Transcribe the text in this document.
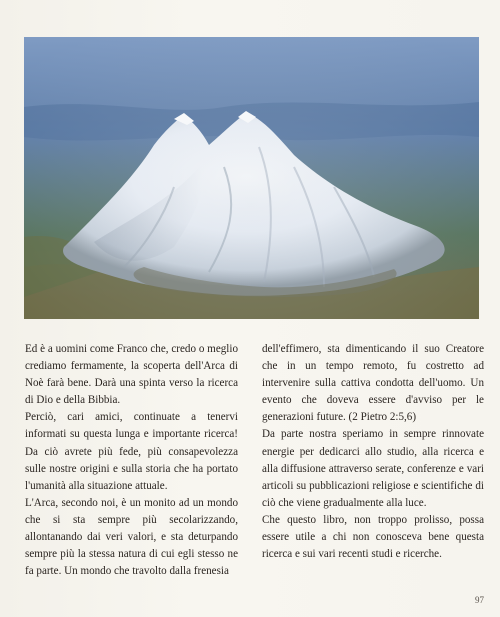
Ed è a uomini come Franco che, credo o meglio crediamo fermamente, la scoperta dell'Arca di Noè farà bene. Darà una spinta verso la ricerca di Dio e della Bibbia.

Perciò, cari amici, continuate a tenervi informati su questa lunga e importante ricerca! Da ciò avrete più fede, più consapevolezza sulle nostre origini e sulla storia che ha portato l'umanità alla situazione attuale.

L'Arca, secondo noi, è un monito ad un mondo che si sta sempre più secolarizzando, allontanando dai veri valori, e sta deturpando sempre più la stessa natura di cui egli stesso ne fa parte. Un mondo che travolto dalla frenesia

dell'effimero, sta dimenticando il suo Creatore che in un tempo remoto, fu costretto ad intervenire sulla cattiva condotta dell'uomo. Un evento che doveva essere d'avviso per le generazioni future. (2 Pietro 2:5,6)

Da parte nostra speriamo in sempre rinnovate energie per dedicarci allo studio, alla ricerca e alla diffusione attraverso serate, conferenze e vari articoli su pubblicazioni religiose e scientifiche di ciò che viene gradualmente alla luce.

Che questo libro, non troppo prolisso, possa essere utile a chi non conosceva bene questa ricerca e sui vari recenti studi e ricerche.

97
